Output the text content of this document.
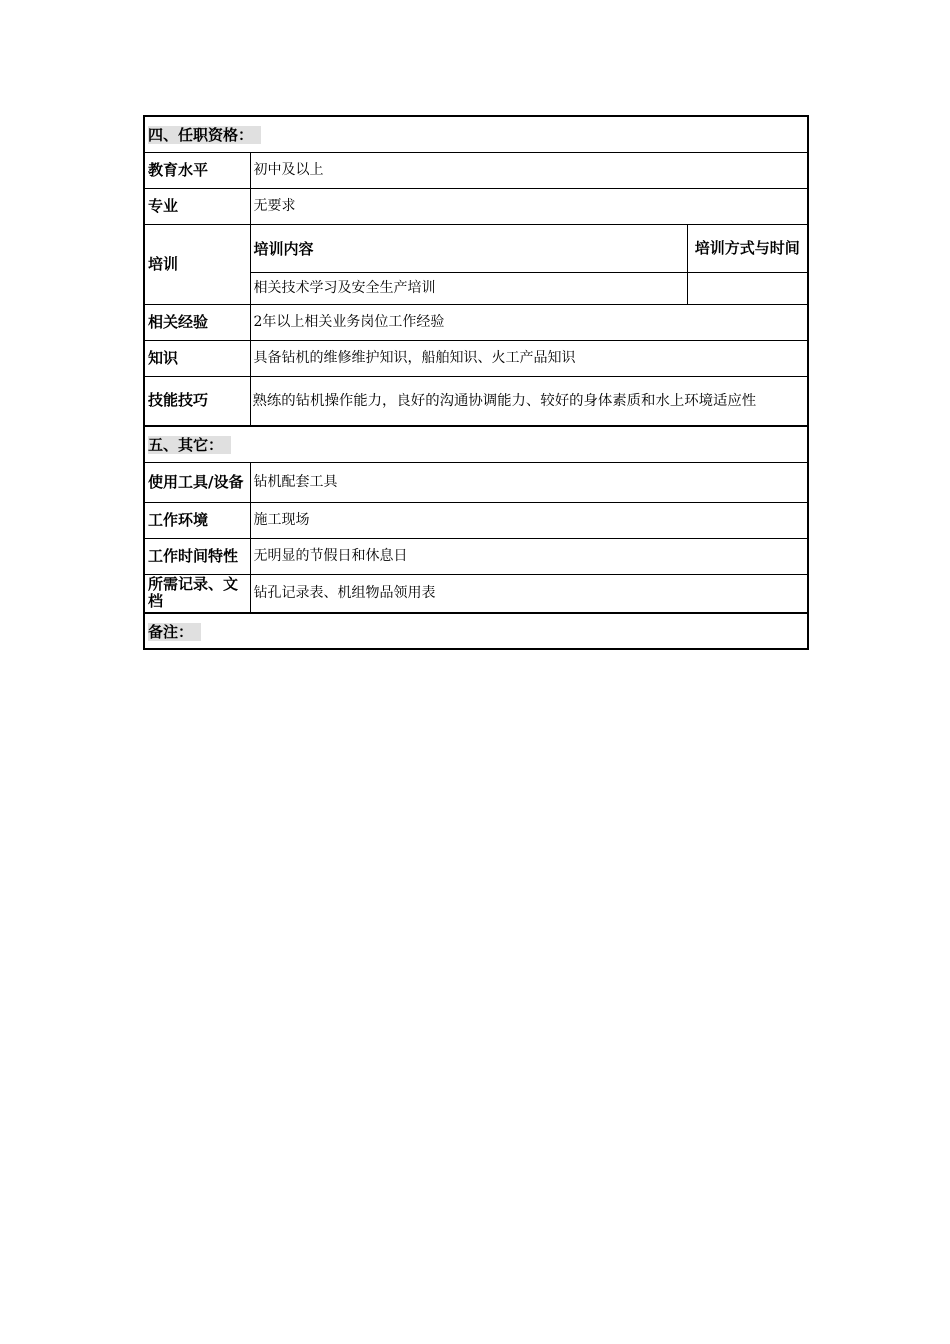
四、任职资格：		
教育水平	初中及以上	
专业	无要求	
培训	培训内容	培训方式与时间
	相关技术学习及安全生产培训	
相关经验	2年以上相关业务岗位工作经验	
知识	具备钻机的维修维护知识，船舶知识、火工产品知识	
技能技巧	熟练的钻机操作能力，良好的沟通协调能力、较好的身体素质和水上环境适应性	
五、其它：		
使用工具/设备	钻机配套工具	
工作环境	施工现场	
工作时间特性	无明显的节假日和休息日	
所需记录、文档	钻孔记录表、机组物品领用表	
备注：		
